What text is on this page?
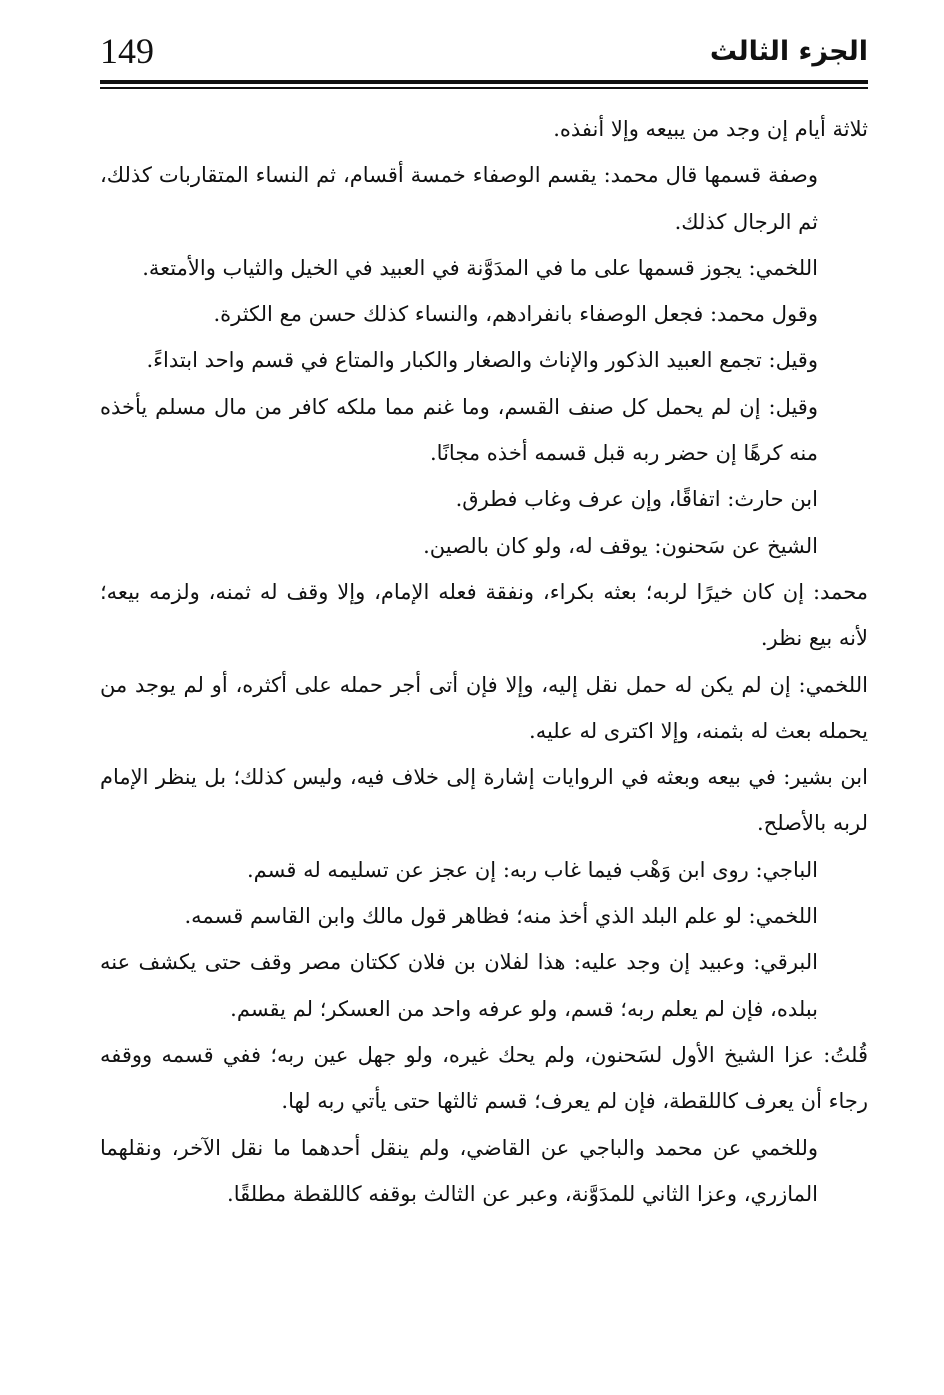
149	الجزء الثالث

ثلاثة أيام إن وجد من يبيعه وإلا أنفذه.

وصفة قسمها قال محمد: يقسم الوصفاء خمسة أقسام، ثم النساء المتقاربات كذلك، ثم الرجال كذلك.

اللخمي: يجوز قسمها على ما في المدَوَّنة في العبيد في الخيل والثياب والأمتعة.

وقول محمد: فجعل الوصفاء بانفرادهم، والنساء كذلك حسن مع الكثرة.

وقيل: تجمع العبيد الذكور والإناث والصغار والكبار والمتاع في قسم واحد ابتداءً.

وقيل: إن لم يحمل كل صنف القسم، وما غنم مما ملكه كافر من مال مسلم يأخذه منه كرهًا إن حضر ربه قبل قسمه أخذه مجانًا.

ابن حارث: اتفاقًا، وإن عرف وغاب فطرق.

الشيخ عن سَحنون: يوقف له، ولو كان بالصين.

محمد: إن كان خيرًا لربه؛ بعثه بكراء، ونفقة فعله الإمام، وإلا وقف له ثمنه، ولزمه بيعه؛ لأنه بيع نظر.

اللخمي: إن لم يكن له حمل نقل إليه، وإلا فإن أتى أجر حمله على أكثره، أو لم يوجد من يحمله بعث له بثمنه، وإلا اكترى له عليه.

ابن بشير: في بيعه وبعثه في الروايات إشارة إلى خلاف فيه، وليس كذلك؛ بل ينظر الإمام لربه بالأصلح.

الباجي: روى ابن وَهْب فيما غاب ربه: إن عجز عن تسليمه له قسم.

اللخمي: لو علم البلد الذي أخذ منه؛ فظاهر قول مالك وابن القاسم قسمه.

البرقي: وعبيد إن وجد عليه: هذا لفلان بن فلان ككتان مصر وقف حتى يكشف عنه ببلده، فإن لم يعلم ربه؛ قسم، ولو عرفه واحد من العسكر؛ لم يقسم.

قُلتُ: عزا الشيخ الأول لسَحنون، ولم يحك غيره، ولو جهل عين ربه؛ ففي قسمه ووقفه رجاء أن يعرف كاللقطة، فإن لم يعرف؛ قسم ثالثها حتى يأتي ربه لها.

وللخمي عن محمد والباجي عن القاضي، ولم ينقل أحدهما ما نقل الآخر، ونقلهما المازري، وعزا الثاني للمدَوَّنة، وعبر عن الثالث بوقفه كاللقطة مطلقًا.
